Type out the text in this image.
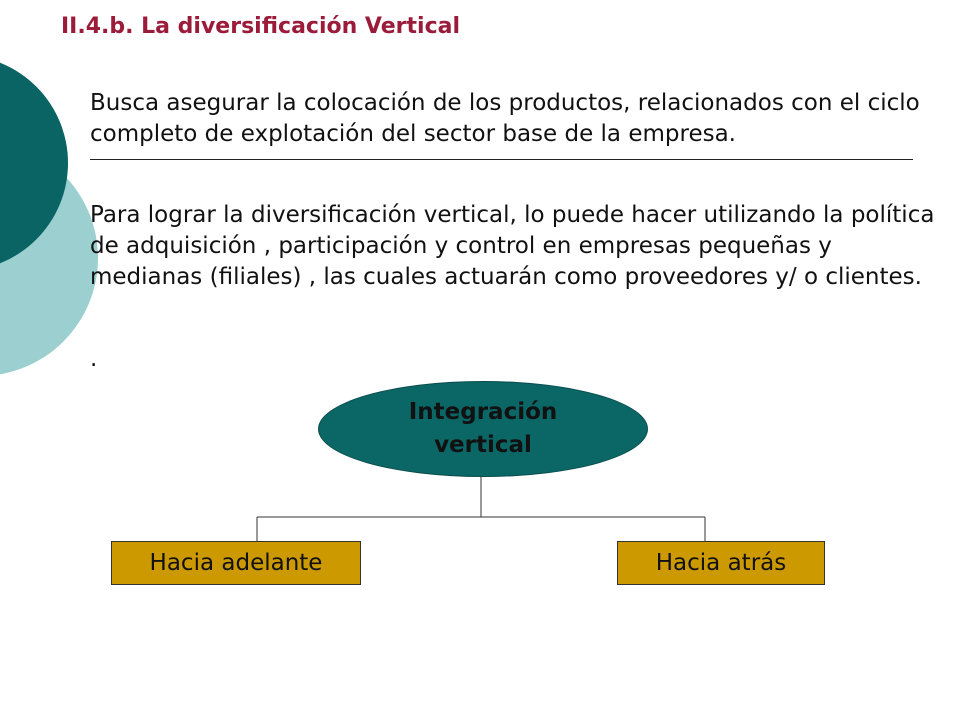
II.4.b. La diversificación Vertical

Busca asegurar la colocación de los productos, relacionados con el ciclo completo de explotación del sector base de la empresa.

Para lograr la diversificación vertical, lo puede hacer utilizando la política de adquisición , participación y control en empresas pequeñas y medianas (filiales) , las cuales actuarán como proveedores y/ o clientes.

.
Integración vertical
Hacia adelante	Hacia atrás
